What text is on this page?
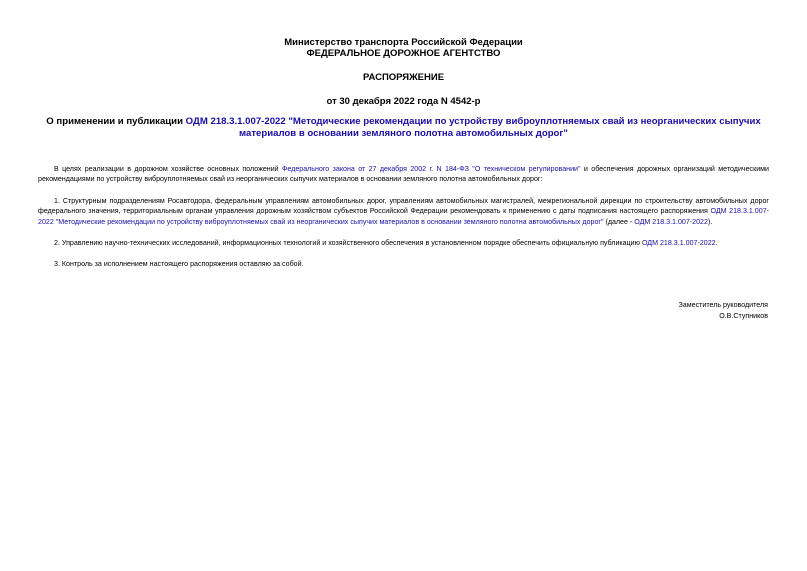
Министерство транспорта Российской Федерации
ФЕДЕРАЛЬНОЕ ДОРОЖНОЕ АГЕНТСТВО
РАСПОРЯЖЕНИЕ
от 30 декабря 2022 года N 4542-р
О применении и публикации ОДМ 218.3.1.007-2022 "Методические рекомендации по устройству виброуплотняемых свай из неорганических сыпучих материалов в основании земляного полотна автомобильных дорог"

В целях реализации в дорожном хозяйстве основных положений Федерального закона от 27 декабря 2002 г. N 184-ФЗ "О техническом регулировании" и обеспечения дорожных организаций методическими рекомендациями по устройству виброуплотняемых свай из неорганических сыпучих материалов в основании земляного полотна автомобильных дорог:

1. Структурным подразделениям Росавтодора, федеральным управлениям автомобильных дорог, управлениям автомобильных магистралей, межрегиональной дирекции по строительству автомобильных дорог федерального значения, территориальным органам управления дорожным хозяйством субъектов Российской Федерации рекомендовать к применению с даты подписания настоящего распоряжения ОДМ 218.3.1.007-2022 "Методические рекомендации по устройству виброуплотняемых свай из неорганических сыпучих материалов в основании земляного полотна автомобильных дорог" (далее - ОДМ 218.3.1.007-2022).

2. Управлению научно-технических исследований, информационных технологий и хозяйственного обеспечения в установленном порядке обеспечить официальную публикацию ОДМ 218.3.1.007-2022.

3. Контроль за исполнением настоящего распоряжения оставляю за собой.

Заместитель руководителя
О.В.Ступников
